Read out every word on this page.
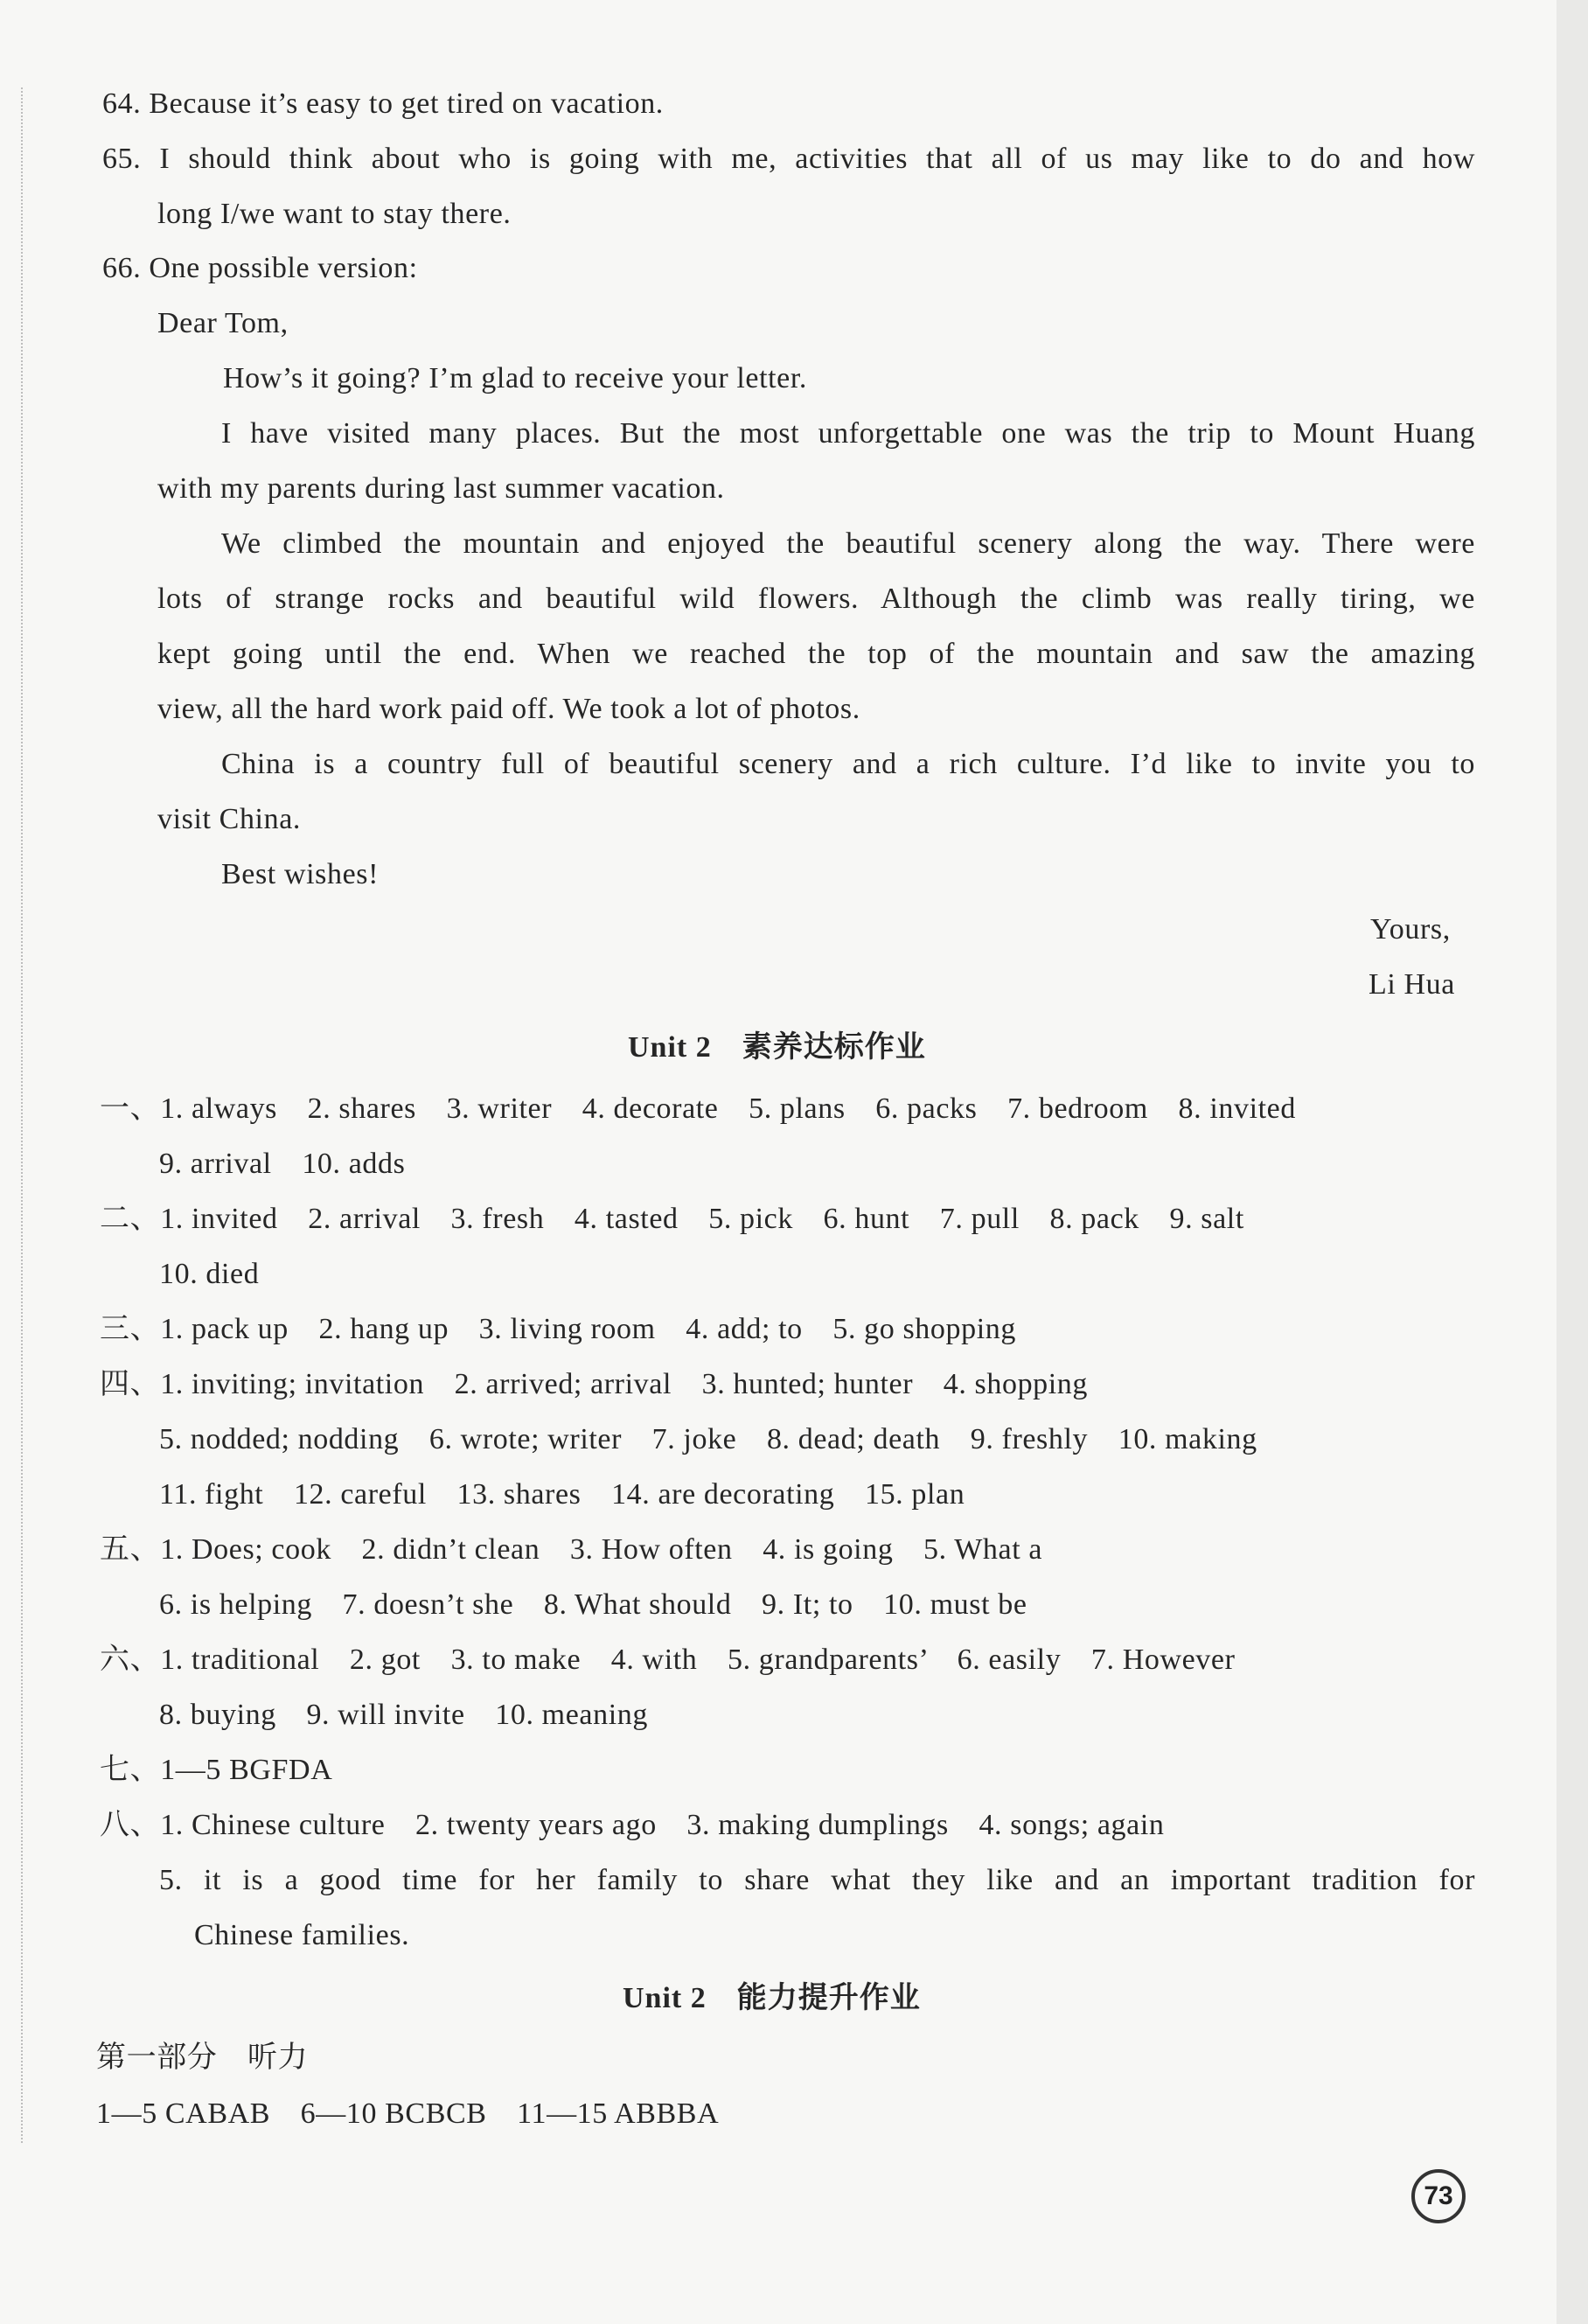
64. Because it’s easy to get tired on vacation.
65. I should think about who is going with me, activities that all of us may like to do and how
long I/we want to stay there.
66. One possible version:
Dear Tom,
How’s it going? I’m glad to receive your letter.
I have visited many places. But the most unforgettable one was the trip to Mount Huang
with my parents during last summer vacation.
We climbed the mountain and enjoyed the beautiful scenery along the way. There were
lots of strange rocks and beautiful wild flowers. Although the climb was really tiring, we
kept going until the end. When we reached the top of the mountain and saw the amazing
view, all the hard work paid off. We took a lot of photos.
China is a country full of beautiful scenery and a rich culture. I’d like to invite you to
visit China.
Best wishes!
Yours,
Li Hua
Unit 2　素养达标作业
一、1. always　2. shares　3. writer　4. decorate　5. plans　6. packs　7. bedroom　8. invited
9. arrival　10. adds
二、1. invited　2. arrival　3. fresh　4. tasted　5. pick　6. hunt　7. pull　8. pack　9. salt
10. died
三、1. pack up　2. hang up　3. living room　4. add; to　5. go shopping
四、1. inviting; invitation　2. arrived; arrival　3. hunted; hunter　4. shopping
5. nodded; nodding　6. wrote; writer　7. joke　8. dead; death　9. freshly　10. making
11. fight　12. careful　13. shares　14. are decorating　15. plan
五、1. Does; cook　2. didn’t clean　3. How often　4. is going　5. What a
6. is helping　7. doesn’t she　8. What should　9. It; to　10. must be
六、1. traditional　2. got　3. to make　4. with　5. grandparents’　6. easily　7. However
8. buying　9. will invite　10. meaning
七、1—5 BGFDA
八、1. Chinese culture　2. twenty years ago　3. making dumplings　4. songs; again
5. it is a good time for her family to share what they like and an important tradition for
Chinese families.
Unit 2　能力提升作业
第一部分　听力
1—5 CABAB　6—10 BCBCB　11—15 ABBBA
73
